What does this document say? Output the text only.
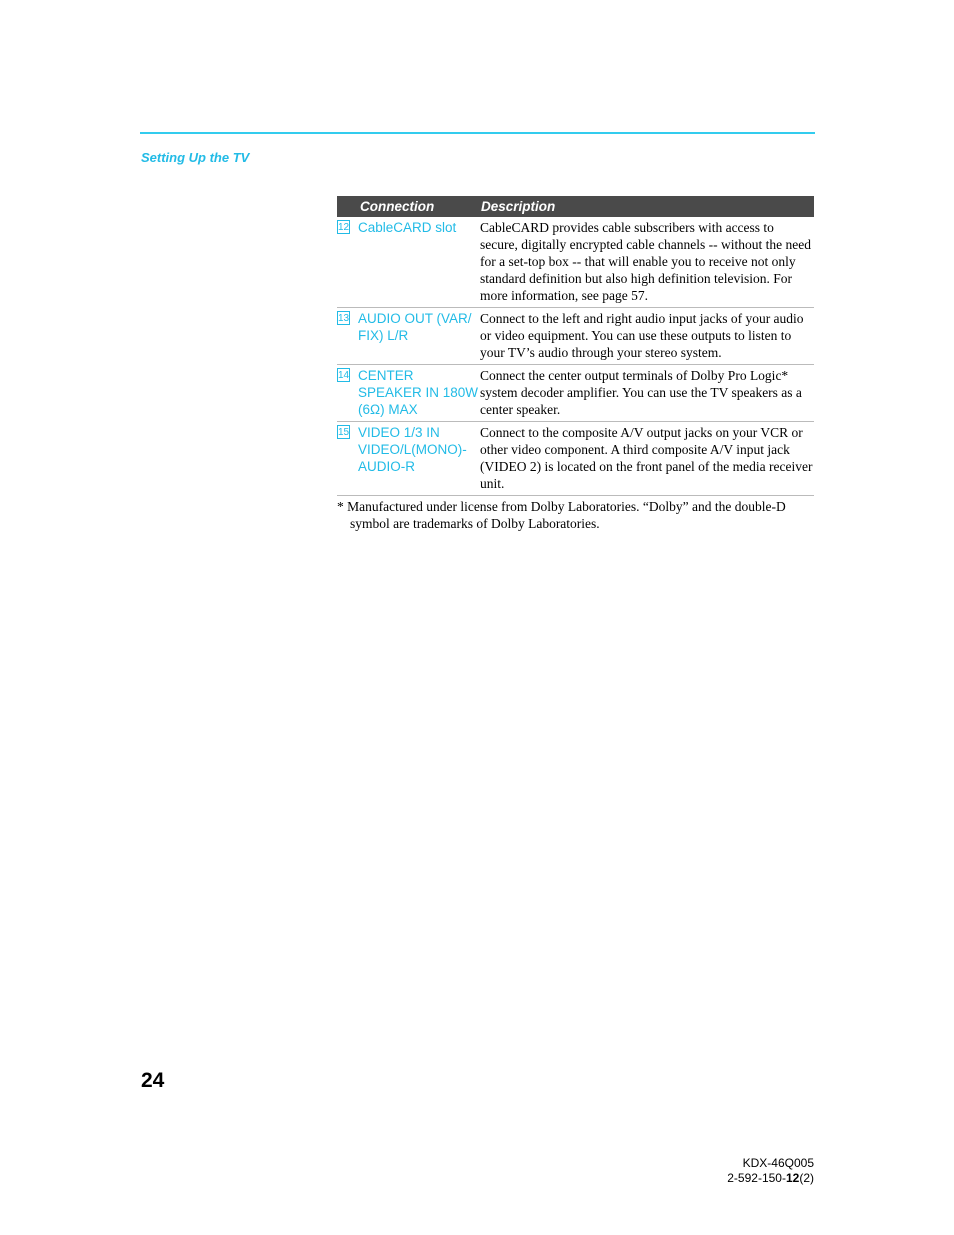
Setting Up the TV
Connection	Description
12 CableCARD slot CableCARD provides cable subscribers with access to secure, digitally encrypted cable channels -- without the need for a set-top box -- that will enable you to receive not only standard definition but also high definition television. For more information, see page 57.
13 AUDIO OUT (VAR/ FIX) L/R
Connect to the left and right audio input jacks of your audio or video equipment. You can use these outputs to listen to your TV’s audio through your stereo system.
14 CENTER SPEAKER IN 180W (6Ω) MAX
Connect the center output terminals of Dolby Pro Logic* system decoder amplifier. You can use the TV speakers as a center speaker.
15 VIDEO 1/3 IN VIDEO/L(MONO)- AUDIO-R
Connect to the composite A/V output jacks on your VCR or other video component. A third composite A/V input jack (VIDEO 2) is located on the front panel of the media receiver unit.
* Manufactured under license from Dolby Laboratories. “Dolby” and the double-D symbol are trademarks of Dolby Laboratories.
24
KDX-46Q005
2-592-150-12(2)
